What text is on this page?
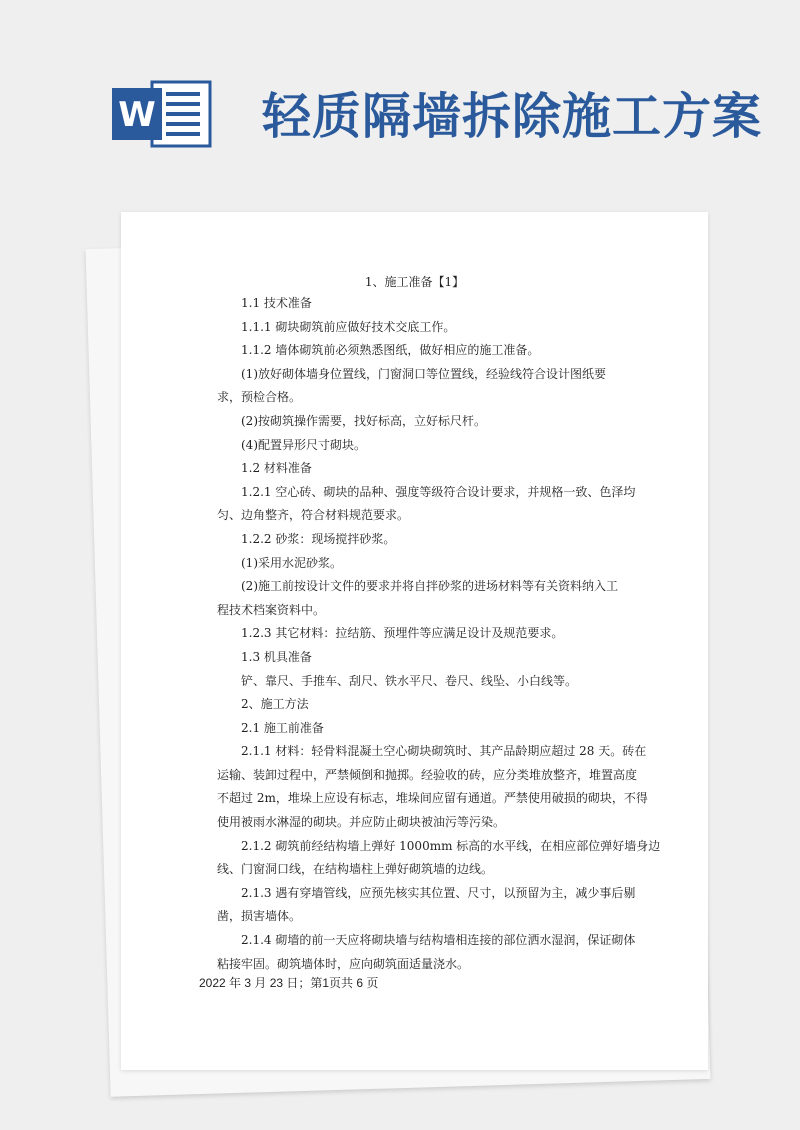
W 轻质隔墙拆除施工方案
1、施工准备【1】
1.1 技术准备
1.1.1 砌块砌筑前应做好技术交底工作。
1.1.2 墙体砌筑前必须熟悉图纸，做好相应的施工准备。
(1)放好砌体墙身位置线，门窗洞口等位置线，经验线符合设计图纸要
求，预检合格。
(2)按砌筑操作需要，找好标高，立好标尺杆。
(4)配置异形尺寸砌块。
1.2 材料准备
1.2.1 空心砖、砌块的品种、强度等级符合设计要求，并规格一致、色泽均
匀、边角整齐，符合材料规范要求。
1.2.2 砂浆：现场搅拌砂浆。
(1)采用水泥砂浆。
(2)施工前按设计文件的要求并将自拌砂浆的进场材料等有关资料纳入工
程技术档案资料中。
1.2.3 其它材料：拉结筋、预埋件等应满足设计及规范要求。
1.3 机具准备
铲、靠尺、手推车、刮尺、铁水平尺、卷尺、线坠、小白线等。
2、施工方法
2.1 施工前准备
2.1.1 材料：轻骨料混凝土空心砌块砌筑时、其产品龄期应超过 28 天。砖在
运输、装卸过程中，严禁倾倒和抛掷。经验收的砖，应分类堆放整齐，堆置高度
不超过 2m，堆垛上应设有标志，堆垛间应留有通道。严禁使用破损的砌块，不得
使用被雨水淋湿的砌块。并应防止砌块被油污等污染。
2.1.2 砌筑前经结构墙上弹好 1000mm 标高的水平线，在相应部位弹好墙身边
线、门窗洞口线，在结构墙柱上弹好砌筑墙的边线。
2.1.3 遇有穿墙管线，应预先核实其位置、尺寸，以预留为主，减少事后剔
凿，损害墙体。
2.1.4 砌墙的前一天应将砌块墙与结构墙相连接的部位洒水湿润，保证砌体
粘接牢固。砌筑墙体时，应向砌筑面适量浇水。
2022 年 3 月 23 日；第1页共 6 页
